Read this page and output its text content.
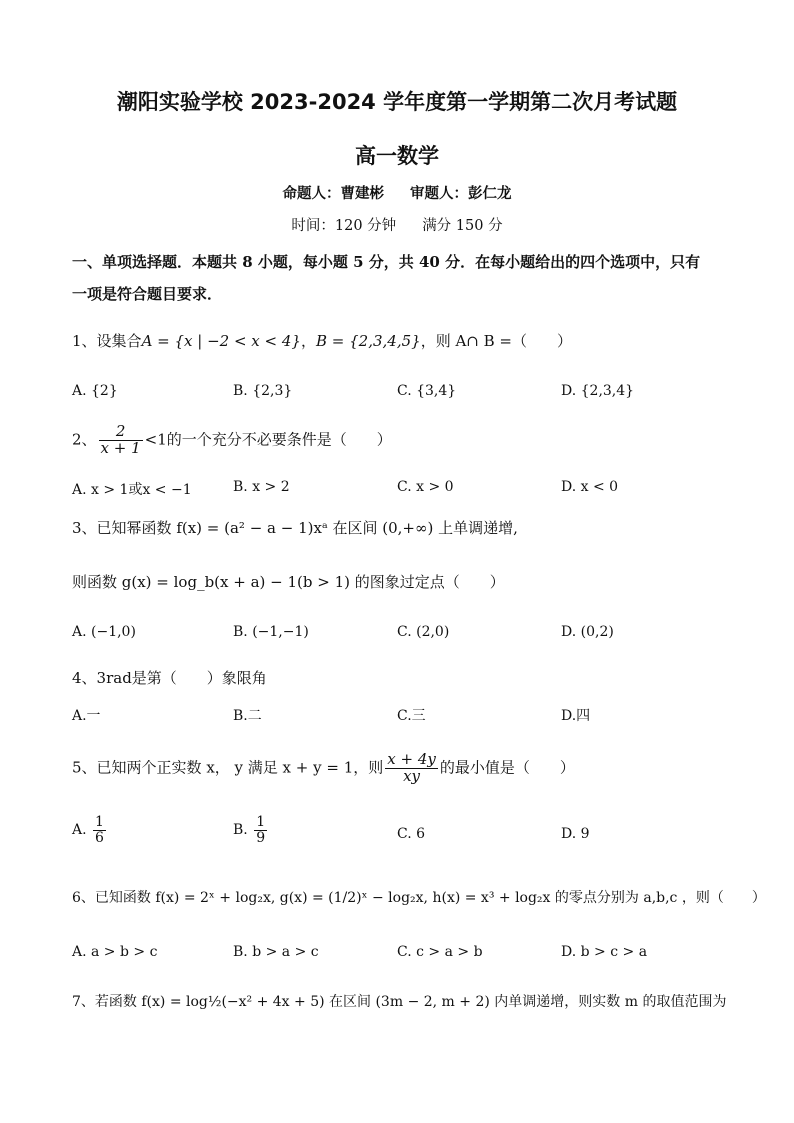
潮阳实验学校 2023-2024 学年度第一学期第二次月考试题
高一数学
命题人：曹建彬 审题人：彭仁龙
时间：120 分钟 满分 150 分
一、单项选择题．本题共 8 小题，每小题 5 分，共 40 分．在每小题给出的四个选项中，只有
一项是符合题目要求．
1、设集合A = {x | −2 < x < 4}，B = {2,3,4,5}，则 A∩ B =（　　）
A. {2}	B. {2,3}	C. {3,4}	D. {2,3,4}
2、 $\frac{2}{x + 1} <1$的一个充分不必要条件是（　　）
A. x > 1或x < −1	B. x > 2	C. x > 0	D. x < 0
3、已知幂函数 f(x) = (a² − a − 1)xᵃ 在区间 (0,+∞) 上单调递增,
则函数 g(x) = log_b(x + a) − 1(b > 1) 的图象过定点（　　）
A. (−1,0)	B. (−1,−1)	C. (2,0)	D. (0,2)
4、3rad是第（　　）象限角
A.一	B.二	C.三	D.四
5、已知两个正实数 x， y 满足 x + y = 1，则 $\frac{x + 4y}{xy}$ 的最小值是（　　）
A. $\frac{1}{6}$	B. $\frac{1}{9}$	C. 6	D. 9
6、已知函数 f(x) = 2ˣ + log₂x, g(x) = (1/2)ˣ − log₂x, h(x) = x³ + log₂x 的零点分别为 a,b,c ，则（　　）
A. a > b > c	B. b > a > c	C. c > a > b	D. b > c > a
7、若函数 f(x) = log½(−x² + 4x + 5) 在区间 (3m − 2, m + 2) 内单调递增，则实数 m 的取值范围为
